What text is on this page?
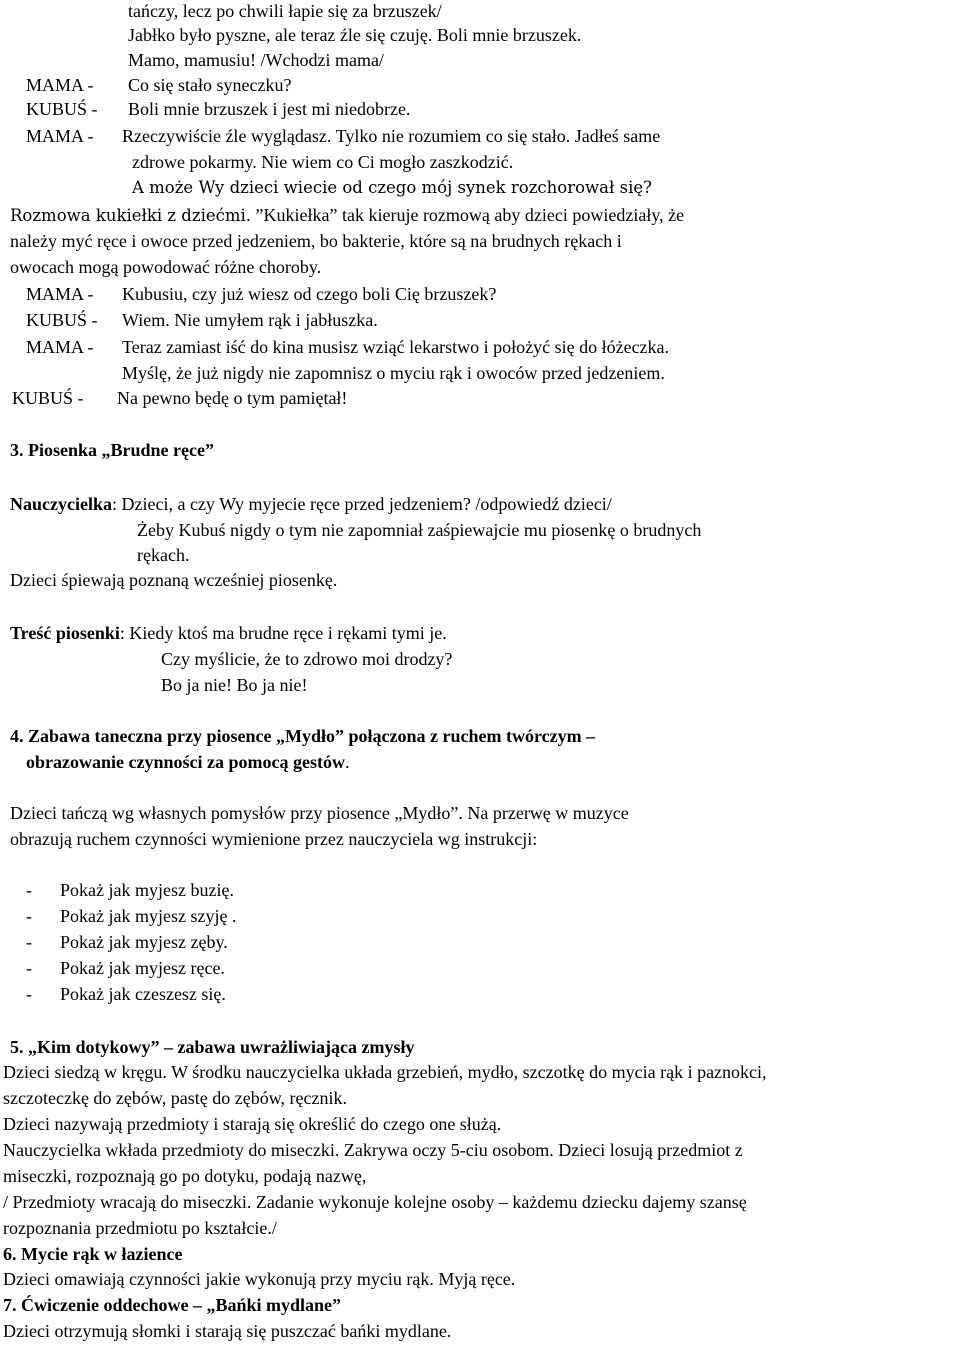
tańczy, lecz po chwili łapie się za brzuszek/
Jabłko było pyszne, ale teraz źle się czuję. Boli mnie brzuszek.
Mamo, mamusiu! /Wchodzi mama/
MAMA - Co się stało syneczku?
KUBUŚ - Boli mnie brzuszek i jest mi niedobrze.
MAMA - Rzeczywiście źle wyglądasz. Tylko nie rozumiem co się stało. Jadłeś same
zdrowe pokarmy. Nie wiem co Ci mogło zaszkodzić.
A może Wy dzieci wiecie od czego mój synek rozchorował się?
Rozmowa kukiełki z dziećmi. ”Kukiełka” tak kieruje rozmową aby dzieci powiedziały, że
należy myć ręce i owoce przed jedzeniem, bo bakterie, które są na brudnych rękach i
owocach mogą powodować różne choroby.
MAMA - Kubusiu, czy już wiesz od czego boli Cię brzuszek?
KUBUŚ - Wiem. Nie umyłem rąk i jabłuszka.
MAMA - Teraz zamiast iść do kina musisz wziąć lekarstwo i położyć się do łóżeczka.
Myślę, że już nigdy nie zapomnisz o myciu rąk i owoców przed jedzeniem.
KUBUŚ - Na pewno będę o tym pamiętał!
3. Piosenka „Brudne ręce”
Nauczycielka: Dzieci, a czy Wy myjecie ręce przed jedzeniem? /odpowiedź dzieci/
Żeby Kubuś nigdy o tym nie zapomniał zaśpiewajcie mu piosenkę o brudnych
rękach.
Dzieci śpiewają poznaną wcześniej piosenkę.
Treść piosenki: Kiedy ktoś ma brudne ręce i rękami tymi je.
Czy myślicie, że to zdrowo moi drodzy?
Bo ja nie! Bo ja nie!
4. Zabawa taneczna przy piosence „Mydło” połączona z ruchem twórczym –
obrazowanie czynności za pomocą gestów.
Dzieci tańczą wg własnych pomysłów przy piosence „Mydło”. Na przerwę w muzyce
obrazują ruchem czynności wymienione przez nauczyciela wg instrukcji:
- Pokaż jak myjesz buzię.
- Pokaż jak myjesz szyję .
- Pokaż jak myjesz zęby.
- Pokaż jak myjesz ręce.
- Pokaż jak czeszesz się.
5. „Kim dotykowy” – zabawa uwrażliwiająca zmysły
Dzieci siedzą w kręgu. W środku nauczycielka układa grzebień, mydło, szczotkę do mycia rąk i paznokci,
szczoteczkę do zębów, pastę do zębów, ręcznik.
Dzieci nazywają przedmioty i starają się określić do czego one służą.
Nauczycielka wkłada przedmioty do miseczki. Zakrywa oczy 5-ciu osobom. Dzieci losują przedmiot z
miseczki, rozpoznają go po dotyku, podają nazwę,
/ Przedmioty wracają do miseczki. Zadanie wykonuje kolejne osoby – każdemu dziecku dajemy szansę
rozpoznania przedmiotu po kształcie./
6. Mycie rąk w łazience
Dzieci omawiają czynności jakie wykonują przy myciu rąk. Myją ręce.
7. Ćwiczenie oddechowe – „Bańki mydlane”
Dzieci otrzymują słomki i starają się puszczać bańki mydlane.
